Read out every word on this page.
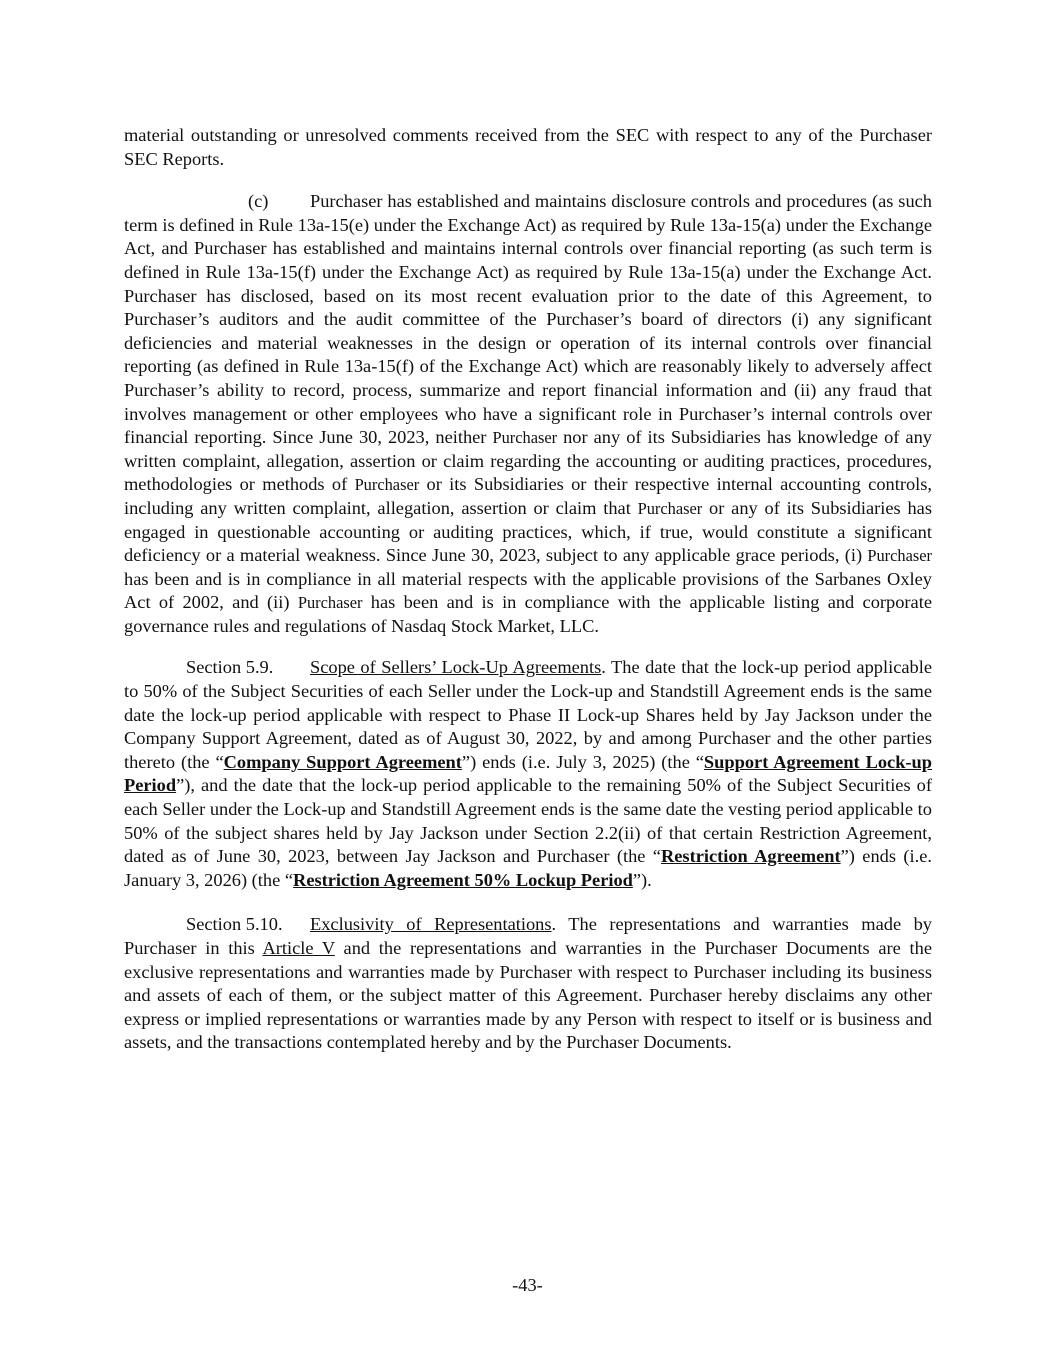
material outstanding or unresolved comments received from the SEC with respect to any of the Purchaser SEC Reports.

(c) Purchaser has established and maintains disclosure controls and procedures (as such term is defined in Rule 13a-15(e) under the Exchange Act) as required by Rule 13a-15(a) under the Exchange Act, and Purchaser has established and maintains internal controls over financial reporting (as such term is defined in Rule 13a-15(f) under the Exchange Act) as required by Rule 13a-15(a) under the Exchange Act. Purchaser has disclosed, based on its most recent evaluation prior to the date of this Agreement, to Purchaser’s auditors and the audit committee of the Purchaser’s board of directors (i) any significant deficiencies and material weaknesses in the design or operation of its internal controls over financial reporting (as defined in Rule 13a-15(f) of the Exchange Act) which are reasonably likely to adversely affect Purchaser’s ability to record, process, summarize and report financial information and (ii) any fraud that involves management or other employees who have a significant role in Purchaser’s internal controls over financial reporting. Since June 30, 2023, neither Purchaser nor any of its Subsidiaries has knowledge of any written complaint, allegation, assertion or claim regarding the accounting or auditing practices, procedures, methodologies or methods of Purchaser or its Subsidiaries or their respective internal accounting controls, including any written complaint, allegation, assertion or claim that Purchaser or any of its Subsidiaries has engaged in questionable accounting or auditing practices, which, if true, would constitute a significant deficiency or a material weakness. Since June 30, 2023, subject to any applicable grace periods, (i) Purchaser has been and is in compliance in all material respects with the applicable provisions of the Sarbanes Oxley Act of 2002, and (ii) Purchaser has been and is in compliance with the applicable listing and corporate governance rules and regulations of Nasdaq Stock Market, LLC.

Section 5.9. Scope of Sellers’ Lock-Up Agreements. The date that the lock-up period applicable to 50% of the Subject Securities of each Seller under the Lock-up and Standstill Agreement ends is the same date the lock-up period applicable with respect to Phase II Lock-up Shares held by Jay Jackson under the Company Support Agreement, dated as of August 30, 2022, by and among Purchaser and the other parties thereto (the “Company Support Agreement”) ends (i.e. July 3, 2025) (the “Support Agreement Lock-up Period”), and the date that the lock-up period applicable to the remaining 50% of the Subject Securities of each Seller under the Lock-up and Standstill Agreement ends is the same date the vesting period applicable to 50% of the subject shares held by Jay Jackson under Section 2.2(ii) of that certain Restriction Agreement, dated as of June 30, 2023, between Jay Jackson and Purchaser (the “Restriction Agreement”) ends (i.e. January 3, 2026) (the “Restriction Agreement 50% Lockup Period”).

Section 5.10. Exclusivity of Representations. The representations and warranties made by Purchaser in this Article V and the representations and warranties in the Purchaser Documents are the exclusive representations and warranties made by Purchaser with respect to Purchaser including its business and assets of each of them, or the subject matter of this Agreement. Purchaser hereby disclaims any other express or implied representations or warranties made by any Person with respect to itself or is business and assets, and the transactions contemplated hereby and by the Purchaser Documents.

-43-
